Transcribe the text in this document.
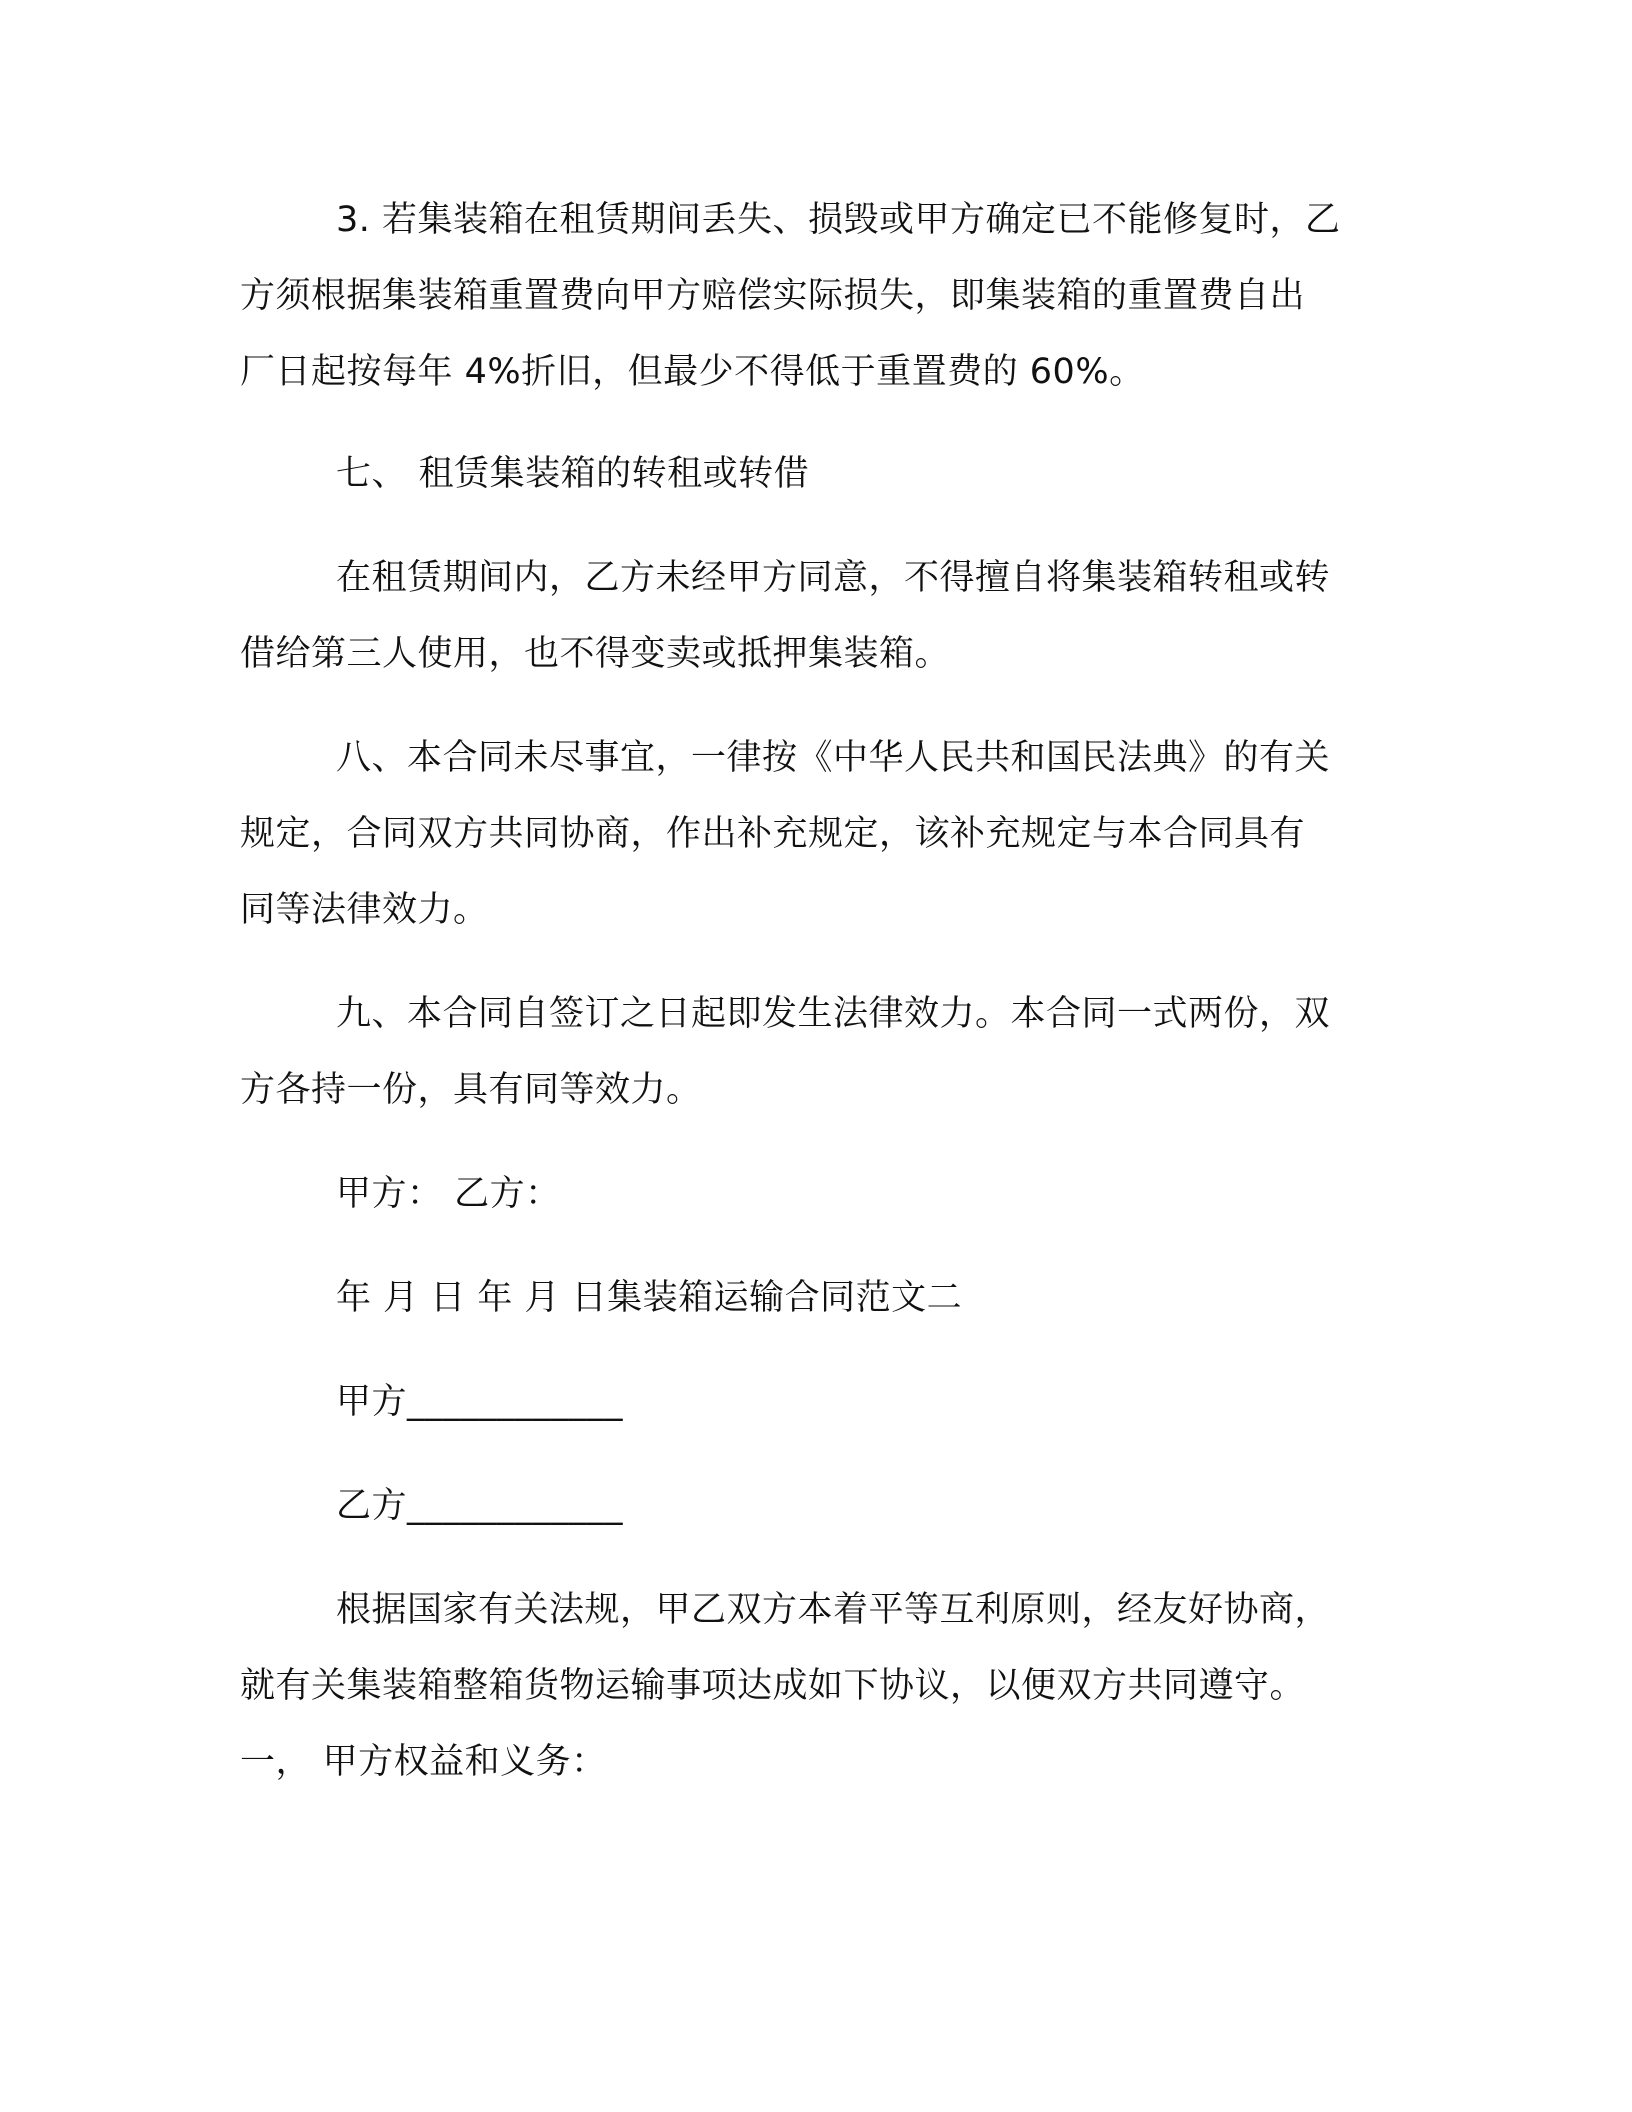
3. 若集装箱在租赁期间丢失、损毁或甲方确定已不能修复时，乙
方须根据集装箱重置费向甲方赔偿实际损失，即集装箱的重置费自出
厂日起按每年 4%折旧，但最少不得低于重置费的 60%。
七、 租赁集装箱的转租或转借
在租赁期间内，乙方未经甲方同意，不得擅自将集装箱转租或转
借给第三人使用，也不得变卖或抵押集装箱。
八、本合同未尽事宜，一律按《中华人民共和国民法典》的有关
规定，合同双方共同协商，作出补充规定，该补充规定与本合同具有
同等法律效力。
九、本合同自签订之日起即发生法律效力。本合同一式两份，双
方各持一份，具有同等效力。
甲方： 乙方：
年 月 日 年 月 日集装箱运输合同范文二
甲方____________
乙方____________
根据国家有关法规，甲乙双方本着平等互利原则，经友好协商，
就有关集装箱整箱货物运输事项达成如下协议，以便双方共同遵守。
一， 甲方权益和义务：
